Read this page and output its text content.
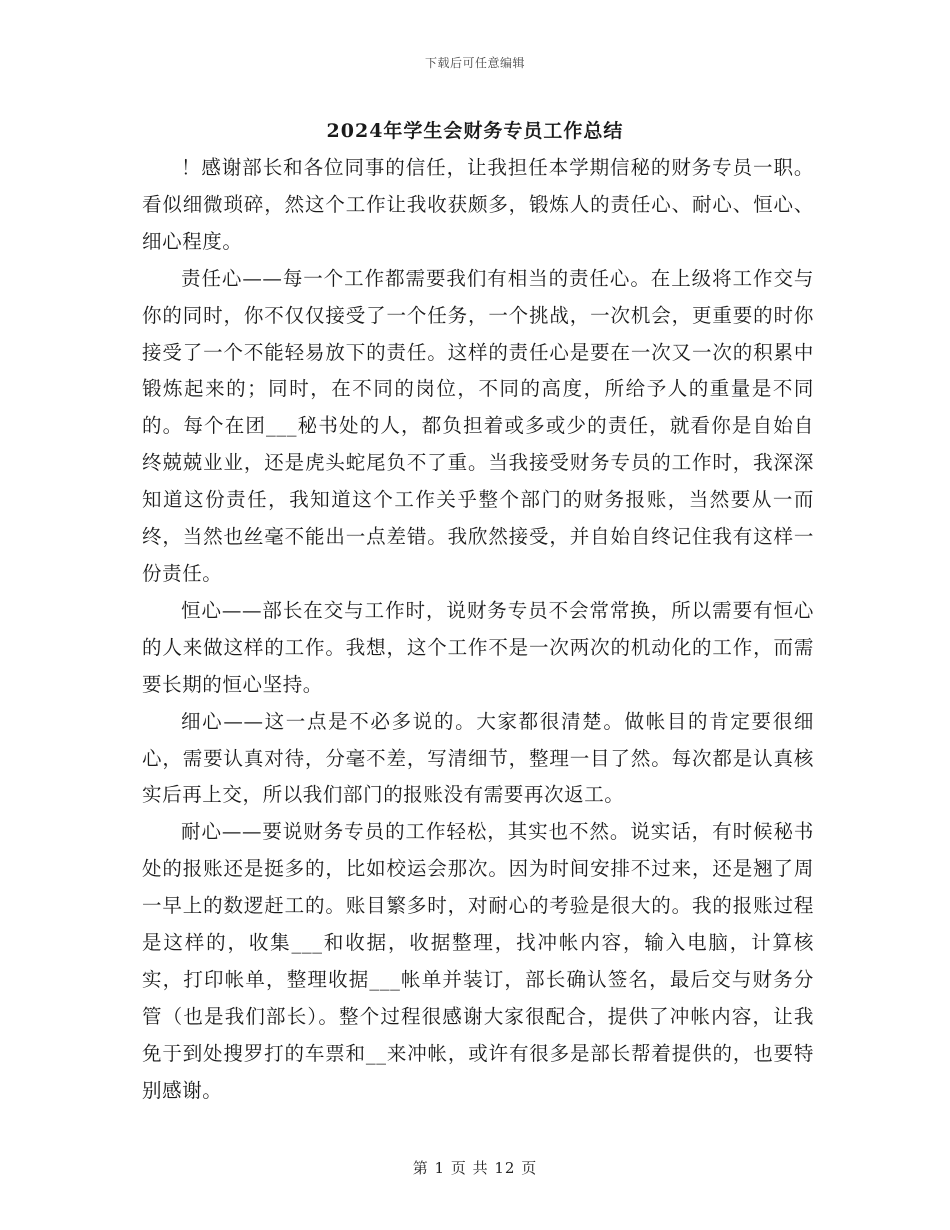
下载后可任意编辑
2024年学生会财务专员工作总结

！感谢部长和各位同事的信任，让我担任本学期信秘的财务专员一职。看似细微琐碎，然这个工作让我收获颇多，锻炼人的责任心、耐心、恒心、细心程度。

责任心——每一个工作都需要我们有相当的责任心。在上级将工作交与你的同时，你不仅仅接受了一个任务，一个挑战，一次机会，更重要的时你接受了一个不能轻易放下的责任。这样的责任心是要在一次又一次的积累中锻炼起来的；同时，在不同的岗位，不同的高度，所给予人的重量是不同的。每个在团___秘书处的人，都负担着或多或少的责任，就看你是自始自终兢兢业业，还是虎头蛇尾负不了重。当我接受财务专员的工作时，我深深知道这份责任，我知道这个工作关乎整个部门的财务报账，当然要从一而终，当然也丝毫不能出一点差错。我欣然接受，并自始自终记住我有这样一份责任。

恒心——部长在交与工作时，说财务专员不会常常换，所以需要有恒心的人来做这样的工作。我想，这个工作不是一次两次的机动化的工作，而需要长期的恒心坚持。

细心——这一点是不必多说的。大家都很清楚。做帐目的肯定要很细心，需要认真对待，分毫不差，写清细节，整理一目了然。每次都是认真核实后再上交，所以我们部门的报账没有需要再次返工。

耐心——要说财务专员的工作轻松，其实也不然。说实话，有时候秘书处的报账还是挺多的，比如校运会那次。因为时间安排不过来，还是翘了周一早上的数逻赶工的。账目繁多时，对耐心的考验是很大的。我的报账过程是这样的，收集___和收据，收据整理，找冲帐内容，输入电脑，计算核实，打印帐单，整理收据___帐单并装订，部长确认签名，最后交与财务分管（也是我们部长）。整个过程很感谢大家很配合，提供了冲帐内容，让我免于到处搜罗打的车票和__来冲帐，或许有很多是部长帮着提供的，也要特别感谢。

第 1 页 共 12 页
